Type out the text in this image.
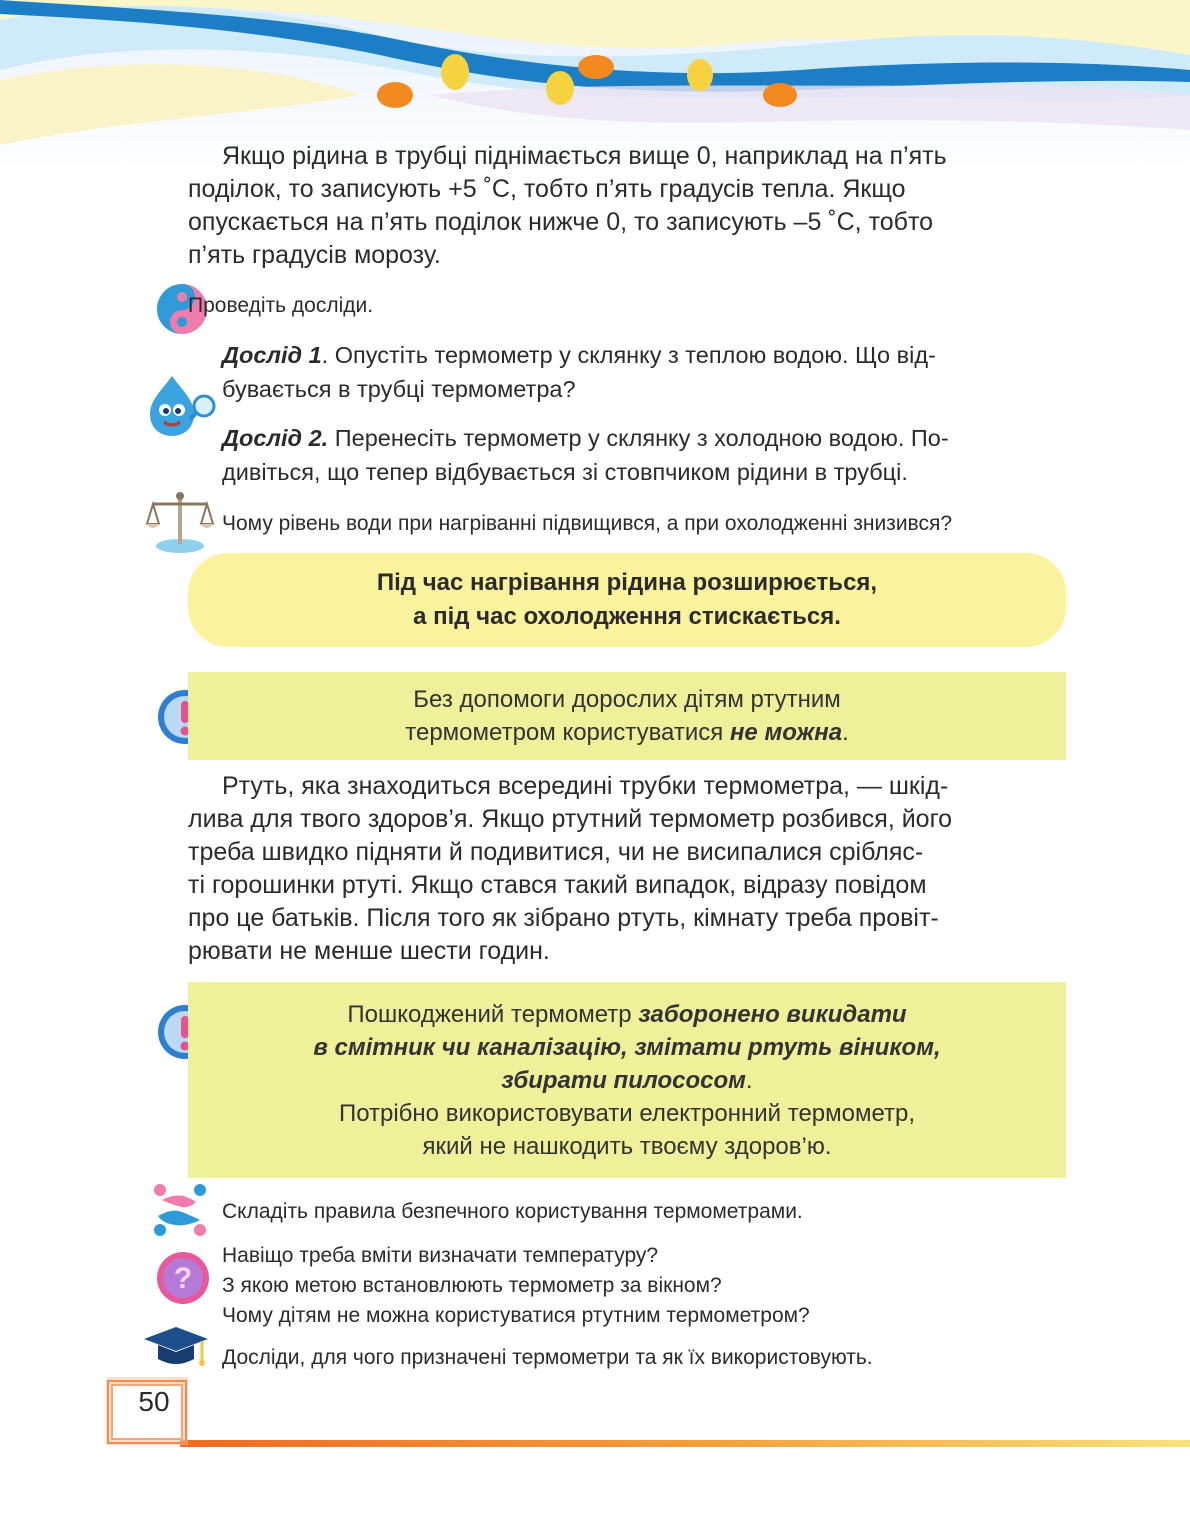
Якщо рідина в трубці піднімається вище 0, наприклад на п’ять
поділок, то записують +5 ˚С, тобто п’ять градусів тепла. Якщо
опускається на п’ять поділок нижче 0, то записують –5 ˚С, тобто
п’ять градусів морозу.
Проведіть досліди.
Дослід 1. Опустіть термометр у склянку з теплою водою. Що від-
бувається в трубці термометра?
Дослід 2. Перенесіть термометр у склянку з холодною водою. По-
дивіться, що тепер відбувається зі стовпчиком рідини в трубці.
Чому рівень води при нагріванні підвищився, а при охолодженні знизився?
Під час нагрівання рідина розширюється,
а під час охолодження стискається.
Без допомоги дорослих дітям ртутним
термометром користуватися не можна.
Ртуть, яка знаходиться всередині трубки термометра, — шкід-
лива для твого здоров’я. Якщо ртутний термометр розбився, його
треба швидко підняти й подивитися, чи не висипалися срібляс-
ті горошинки ртуті. Якщо стався такий випадок, відразу повідом
про це батьків. Після того як зібрано ртуть, кімнату треба провіт-
рювати не менше шести годин.
Пошкоджений термометр заборонено викидати
в смітник чи каналізацію, змітати ртуть віником,
збирати пилососом.
Потрібно використовувати електронний термометр,
який не нашкодить твоєму здоров’ю.
Складіть правила безпечного користування термометрами.
?
Навіщо треба вміти визначати температуру?
З якою метою встановлюють термометр за вікном?
Чому дітям не можна користуватися ртутним термометром?
Досліди, для чого призначені термометри та як їх використовують.
50
